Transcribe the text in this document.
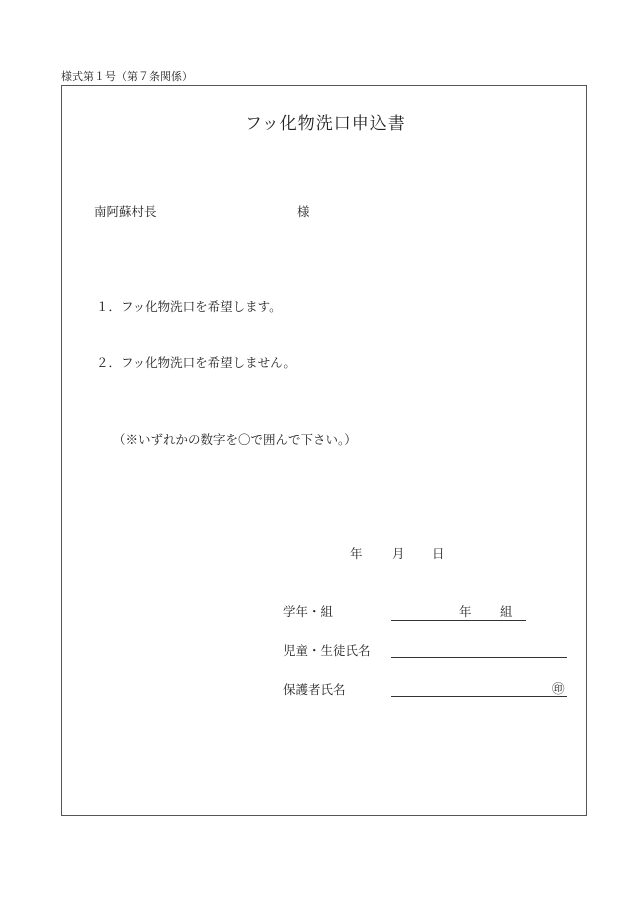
様式第１号（第７条関係）
フッ化物洗口申込書
南阿蘇村長	様
１．フッ化物洗口を希望します。
２．フッ化物洗口を希望しません。
（※いずれかの数字を〇で囲んで下さい。）
年 月 日
学年・組	年 組
児童・生徒氏名
保護者氏名	㊞
